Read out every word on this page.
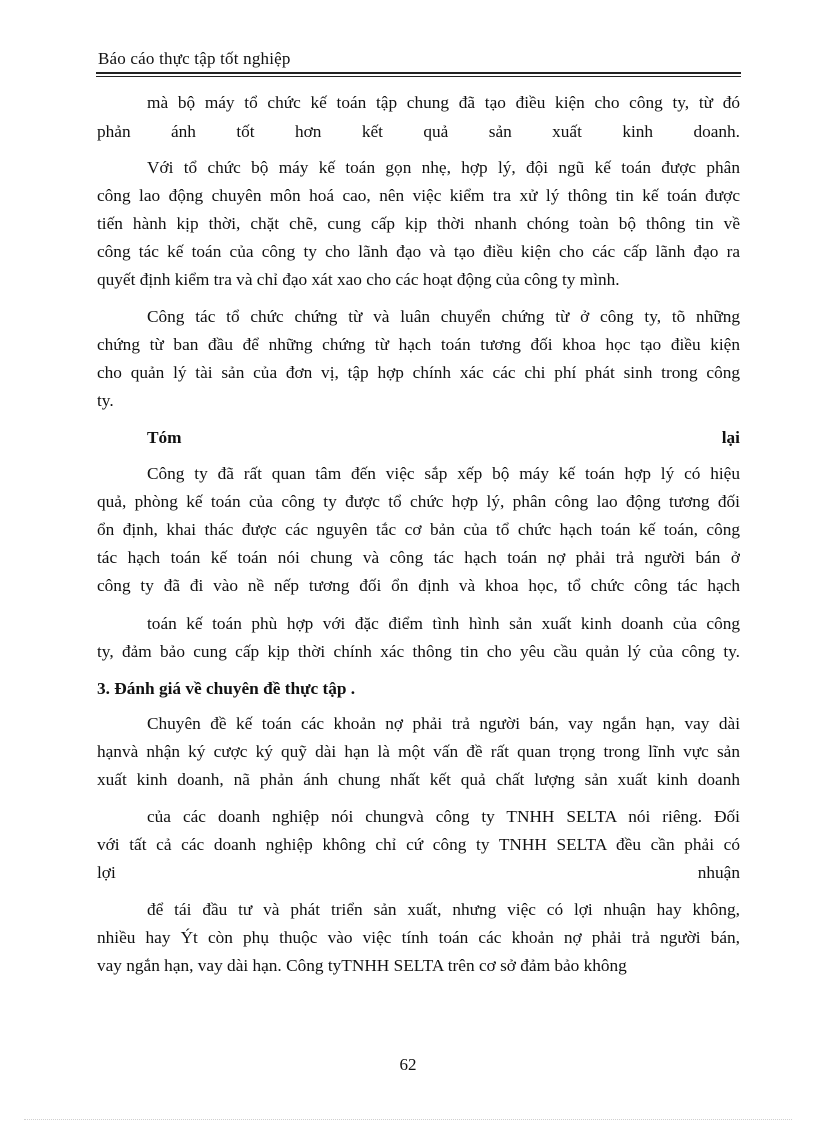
Báo cáo thực tập tốt nghiệp
mà bộ máy tổ chức kế toán tập chung đã tạo điều kiện cho công ty, từ đó
phản ánh tốt hơn kết quả sản xuất kinh doanh.
Với tổ chức bộ máy kế toán gọn nhẹ, hợp lý, đội ngũ kế toán được phân
công lao động chuyên môn hoá cao, nên việc kiểm tra xử lý thông tin kế toán được
tiến hành kịp thời, chặt chẽ, cung cấp kịp thời nhanh chóng toàn bộ thông tin về
công tác kế toán của công ty cho lãnh đạo và tạo điều kiện cho các cấp lãnh đạo ra
quyết định kiểm tra và chỉ đạo xát xao cho các hoạt động của công ty mình.
Công tác tổ chức chứng từ và luân chuyển chứng từ ở công ty, tõ những
chứng từ ban đầu để những chứng từ hạch toán tương đối khoa học tạo điều kiện
cho quản lý tài sản của đơn vị, tập hợp chính xác các chi phí phát sinh trong công
ty.
Tóm lại
Công ty đã rất quan tâm đến việc sắp xếp bộ máy kế toán hợp lý có hiệu
quả, phòng kế toán của công ty được tổ chức hợp lý, phân công lao động tương đối
ổn định, khai thác được các nguyên tắc cơ bản của tổ chức hạch toán kế toán, công
tác hạch toán kế toán nói chung và công tác hạch toán nợ phải trả người bán ở
công ty đã đi vào nề nếp tương đối ổn định và khoa học, tổ chức công tác hạch
toán kế toán phù hợp với đặc điểm tình hình sản xuất kinh doanh của công
ty, đảm bảo cung cấp kịp thời chính xác thông tin cho yêu cầu quản lý của công ty.
3. Đánh giá về chuyên đề thực tập .
Chuyên đề kế toán các khoản nợ phải trả người bán, vay ngắn hạn, vay dài
hạnvà nhận ký cược ký quỹ dài hạn là một vấn đề rất quan trọng trong lĩnh vực sản
xuất kinh doanh, nã phản ánh chung nhất kết quả chất lượng sản xuất kinh doanh
của các doanh nghiệp nói chungvà công ty TNHH SELTA nói riêng. Đối
với tất cả các doanh nghiệp không chỉ cứ công ty TNHH SELTA đều cần phải có
lợi nhuận
để tái đầu tư và phát triển sản xuất, nhưng việc có lợi nhuận hay không,
nhiều hay Ýt còn phụ thuộc vào việc tính toán các khoản nợ phải trả người bán,
vay ngắn hạn, vay dài hạn. Công tyTNHH SELTA trên cơ sở đảm bảo không
62
